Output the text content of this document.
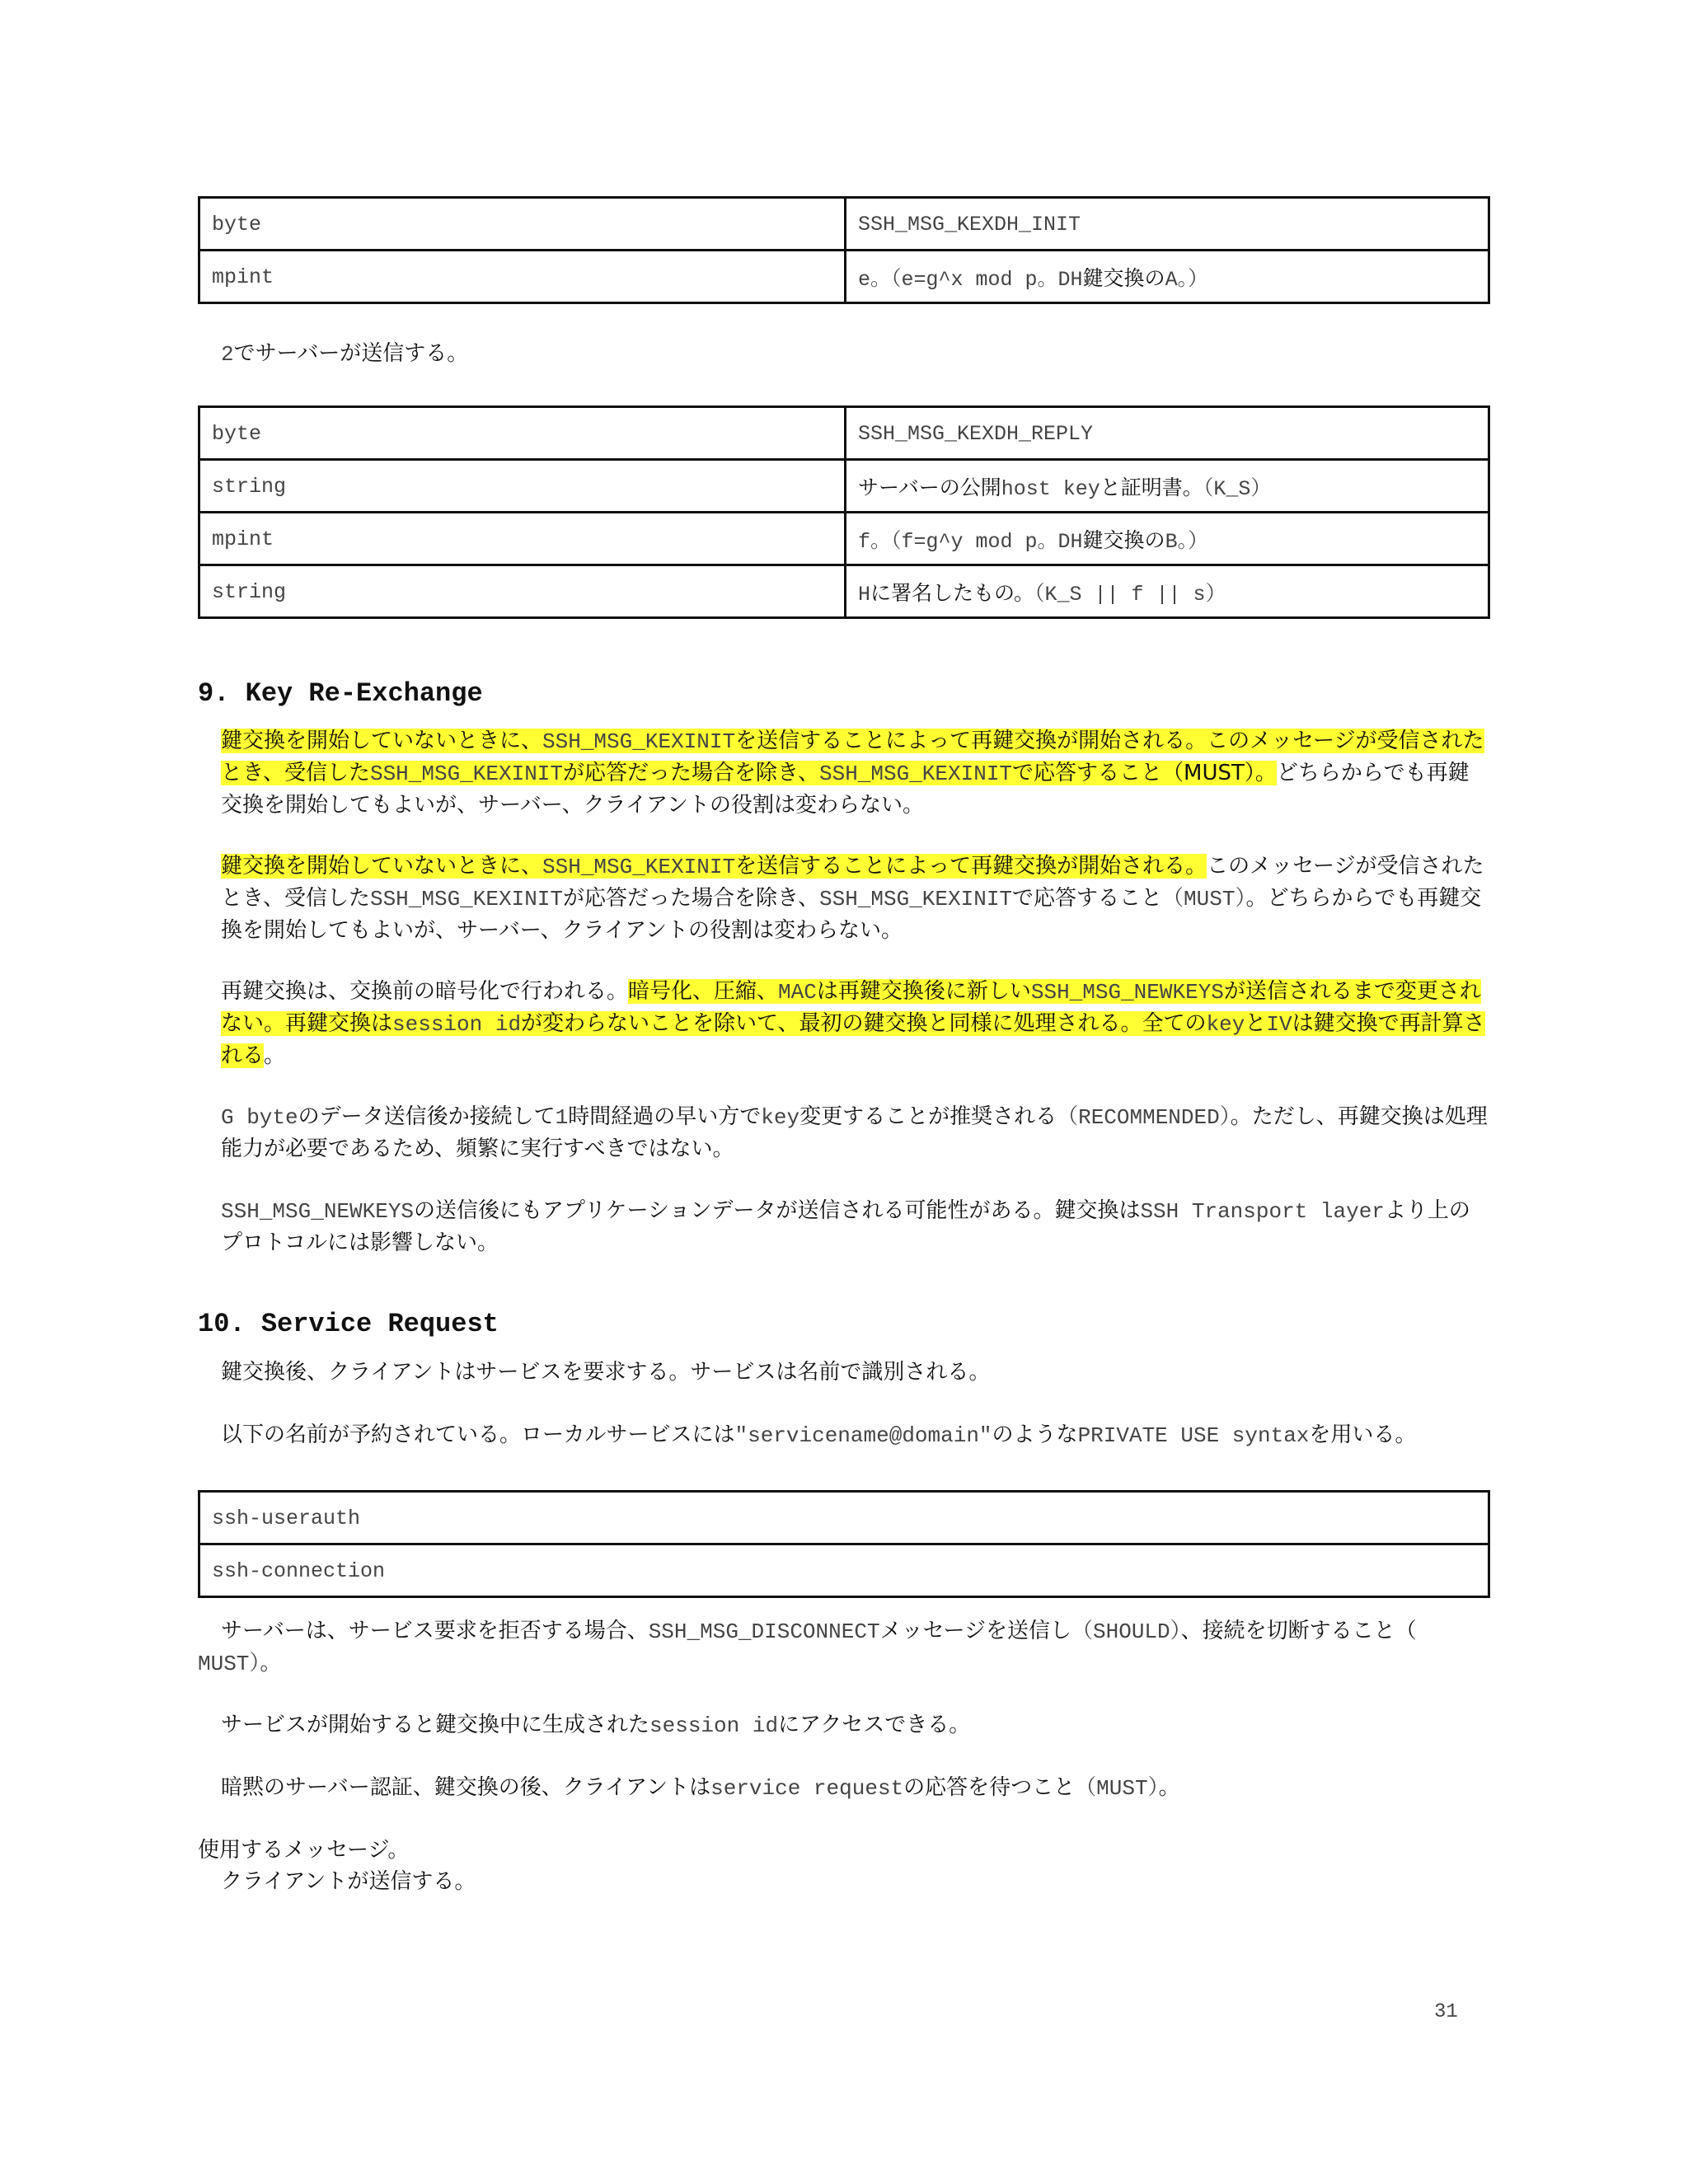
byte	SSH_MSG_KEXDH_INIT
mpint	e。（e=g^x mod p。DH鍵交換のA。）

2でサーバーが送信する。

byte	SSH_MSG_KEXDH_REPLY
string	サーバーの公開host keyと証明書。（K_S）
mpint	f。（f=g^y mod p。DH鍵交換のB。）
string	Hに署名したもの。（K_S || f || s）
9. Key Re-Exchange

鍵交換を開始していないときに、SSH_MSG_KEXINITを送信することによって再鍵交換が開始される。このメッセージが受信されたとき、受信したSSH_MSG_KEXINITが応答だった場合を除き、SSH_MSG_KEXINITで応答すること（MUST）。どちらからでも再鍵交換を開始してもよいが、サーバー、クライアントの役割は変わらない。

鍵交換を開始していないときに、SSH_MSG_KEXINITを送信することによって再鍵交換が開始される。このメッセージが受信されたとき、受信したSSH_MSG_KEXINITが応答だった場合を除き、SSH_MSG_KEXINITで応答すること（MUST）。どちらからでも再鍵交換を開始してもよいが、サーバー、クライアントの役割は変わらない。

再鍵交換は、交換前の暗号化で行われる。暗号化、圧縮、MACは再鍵交換後に新しいSSH_MSG_NEWKEYSが送信されるまで変更されない。再鍵交換はsession idが変わらないことを除いて、最初の鍵交換と同様に処理される。全てのkeyとIVは鍵交換で再計算される。

G byteのデータ送信後か接続して1時間経過の早い方でkey変更することが推奨される（RECOMMENDED）。ただし、再鍵交換は処理能力が必要であるため、頻繁に実行すべきではない。

SSH_MSG_NEWKEYSの送信後にもアプリケーションデータが送信される可能性がある。鍵交換はSSH Transport layerより上のプロトコルには影響しない。

10. Service Request

鍵交換後、クライアントはサービスを要求する。サービスは名前で識別される。

以下の名前が予約されている。ローカルサービスには"servicename@domain"のようなPRIVATE USE syntaxを用いる。

ssh-userauth
ssh-connection

サーバーは、サービス要求を拒否する場合、SSH_MSG_DISCONNECTメッセージを送信し（SHOULD）、接続を切断すること（
MUST）。

サービスが開始すると鍵交換中に生成されたsession idにアクセスできる。

暗黙のサーバー認証、鍵交換の後、クライアントはservice requestの応答を待つこと（MUST）。

使用するメッセージ。

クライアントが送信する。

31
